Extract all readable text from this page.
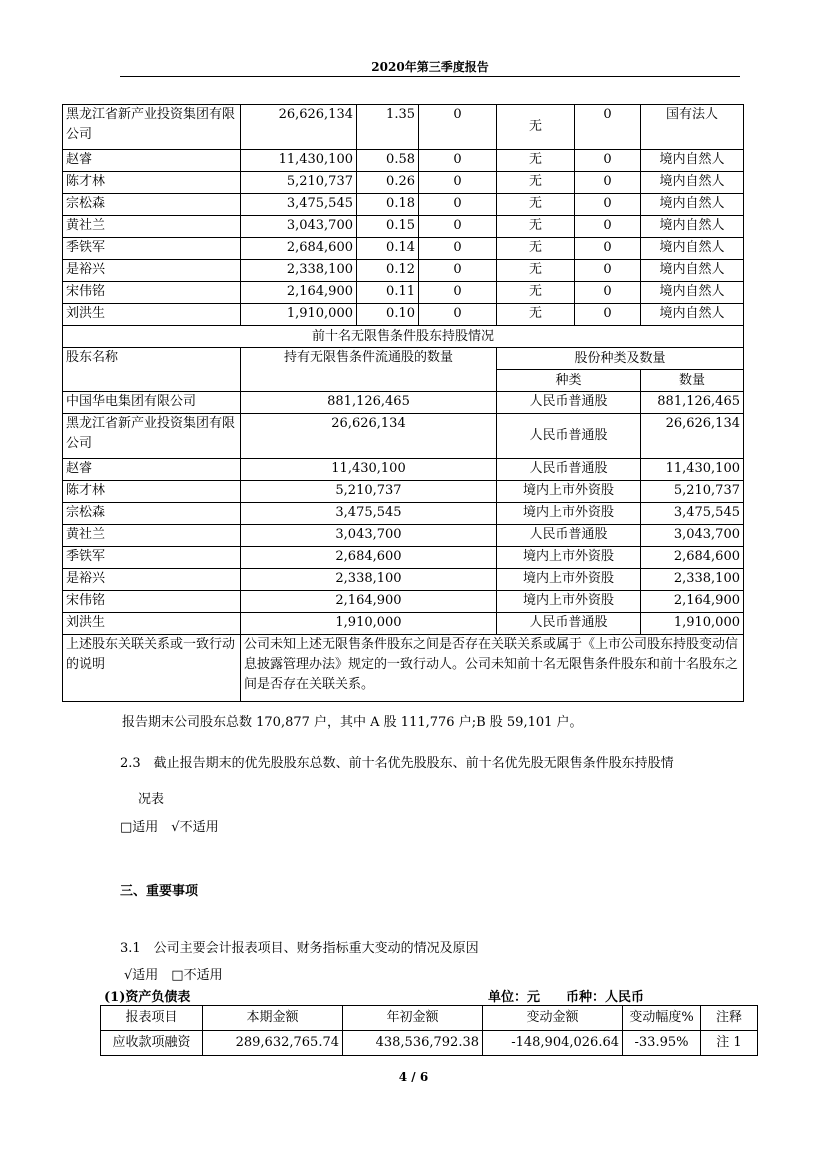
2020年第三季度报告
黑龙江省新产业投资集团有限公司	26,626,134	1.35	0	无	0	国有法人
赵睿	11,430,100	0.58	0	无	0	境内自然人
陈才林	5,210,737	0.26	0	无	0	境内自然人
宗松森	3,475,545	0.18	0	无	0	境内自然人
黄社兰	3,043,700	0.15	0	无	0	境内自然人
季铁军	2,684,600	0.14	0	无	0	境内自然人
是裕兴	2,338,100	0.12	0	无	0	境内自然人
宋伟铭	2,164,900	0.11	0	无	0	境内自然人
刘洪生	1,910,000	0.10	0	无	0	境内自然人
前十名无限售条件股东持股情况						
股东名称	持有无限售条件流通股的数量			股份种类及数量		
				种类		数量
中国华电集团有限公司	881,126,465			人民币普通股		881,126,465
黑龙江省新产业投资集团有限公司	26,626,134			人民币普通股		26,626,134
赵睿	11,430,100			人民币普通股		11,430,100
陈才林	5,210,737			境内上市外资股		5,210,737
宗松森	3,475,545			境内上市外资股		3,475,545
黄社兰	3,043,700			人民币普通股		3,043,700
季铁军	2,684,600			境内上市外资股		2,684,600
是裕兴	2,338,100			境内上市外资股		2,338,100
宋伟铭	2,164,900			境内上市外资股		2,164,900
刘洪生	1,910,000			人民币普通股		1,910,000
上述股东关联关系或一致行动的说明	公司未知上述无限售条件股东之间是否存在关联关系或属于《上市公司股东持股变动信息披露管理办法》规定的一致行动人。公司未知前十名无限售条件股东和前十名股东之间是否存在关联关系。					
报告期末公司股东总数 170,877 户，其中 A 股 111,776 户;B 股 59,101 户。
2.3　截止报告期末的优先股股东总数、前十名优先股股东、前十名优先股无限售条件股东持股情
况表
□适用　√不适用
三、重要事项
3.1　公司主要会计报表项目、财务指标重大变动的情况及原因
√适用　□不适用
(1)资产负债表	单位：元　　币种：人民币
报表项目	本期金额	年初金额	变动金额	变动幅度%	注释
应收款项融资	289,632,765.74	438,536,792.38	-148,904,026.64	-33.95%	注 1
4 / 6
